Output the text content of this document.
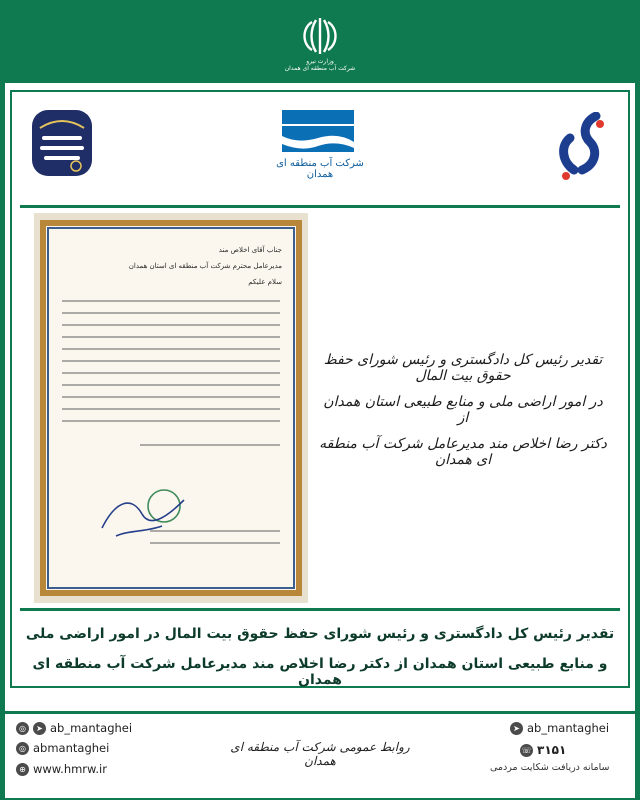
وزارت نیرو
شرکت آب منطقه ای همدان
شرکت آب منطقه ای همدان
جناب آقای اخلاص مند
مدیرعامل محترم شرکت آب منطقه ای استان همدان
سلام علیکم
تقدیر رئیس کل دادگستری و رئیس شورای حفظ حقوق بیت المال
در امور اراضی ملی و منابع طبیعی استان همدان از
دکتر رضا اخلاص مند مدیرعامل شرکت آب منطقه ای همدان
تقدیر رئیس کل دادگستری و رئیس شورای حفظ حقوق بیت المال در امور اراضی ملی
و منابع طبیعی استان همدان از دکتر رضا اخلاص مند مدیرعامل شرکت آب منطقه ای همدان
◎	➤ ab_mantaghei
◎ abmantaghei
⊕ www.hmrw.ir
روابط عمومی شرکت آب منطقه ای همدان
➤ ab_mantaghei
☏ ۳۱۵۱
سامانه دریافت شکایت مردمی
